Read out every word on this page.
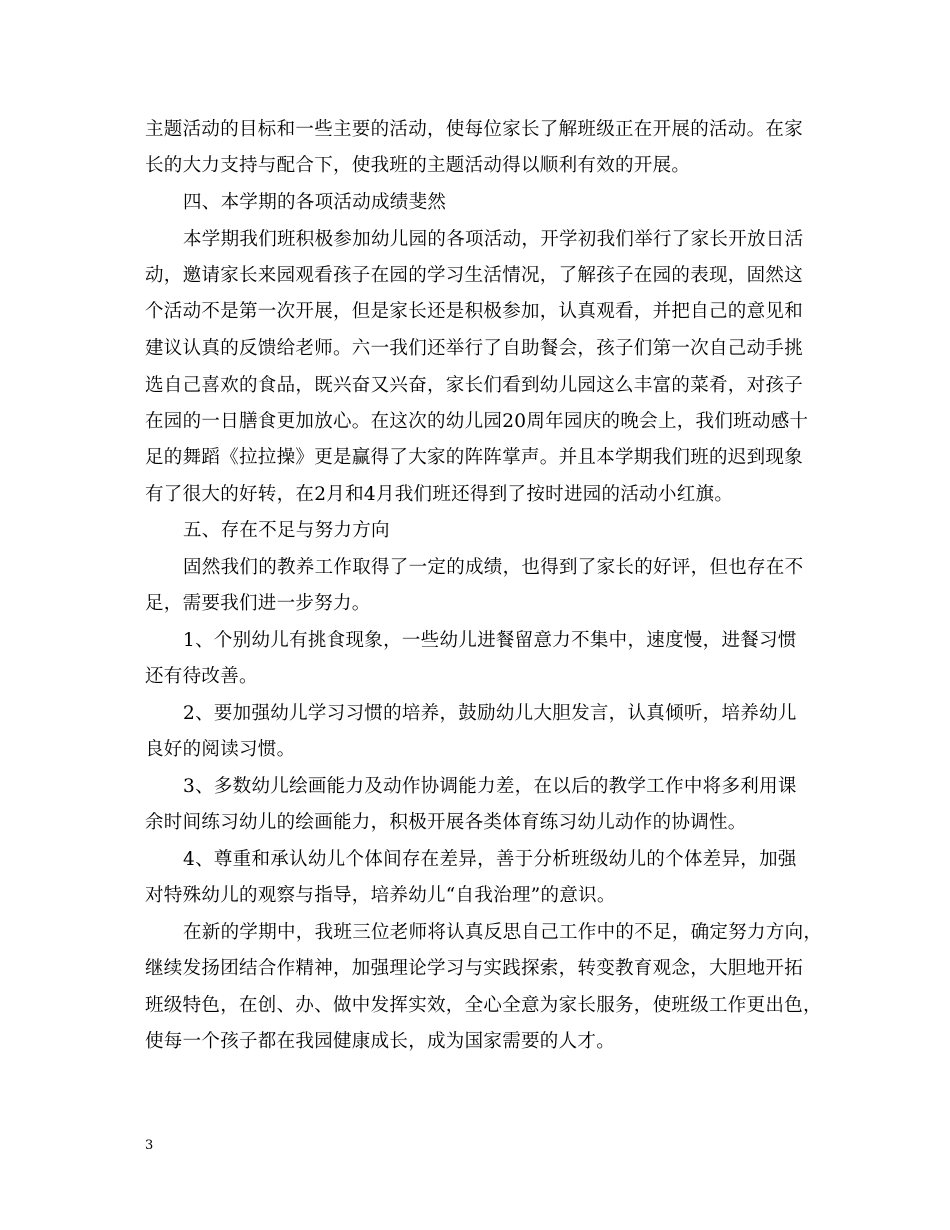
主题活动的目标和一些主要的活动，使每位家长了解班级正在开展的活动。在家
长的大力支持与配合下，使我班的主题活动得以顺利有效的开展。
四、本学期的各项活动成绩斐然
本学期我们班积极参加幼儿园的各项活动，开学初我们举行了家长开放日活
动，邀请家长来园观看孩子在园的学习生活情况，了解孩子在园的表现，固然这
个活动不是第一次开展，但是家长还是积极参加，认真观看，并把自己的意见和
建议认真的反馈给老师。六一我们还举行了自助餐会，孩子们第一次自己动手挑
选自己喜欢的食品，既兴奋又兴奋，家长们看到幼儿园这么丰富的菜肴，对孩子
在园的一日膳食更加放心。在这次的幼儿园20周年园庆的晚会上，我们班动感十
足的舞蹈《拉拉操》更是赢得了大家的阵阵掌声。并且本学期我们班的迟到现象
有了很大的好转，在2月和4月我们班还得到了按时进园的活动小红旗。
五、存在不足与努力方向
固然我们的教养工作取得了一定的成绩，也得到了家长的好评，但也存在不
足，需要我们进一步努力。
1、个别幼儿有挑食现象，一些幼儿进餐留意力不集中，速度慢，进餐习惯
还有待改善。
2、要加强幼儿学习习惯的培养，鼓励幼儿大胆发言，认真倾听，培养幼儿
良好的阅读习惯。
3、多数幼儿绘画能力及动作协调能力差，在以后的教学工作中将多利用课
余时间练习幼儿的绘画能力，积极开展各类体育练习幼儿动作的协调性。
4、尊重和承认幼儿个体间存在差异，善于分析班级幼儿的个体差异，加强
对特殊幼儿的观察与指导，培养幼儿“自我治理”的意识。
在新的学期中，我班三位老师将认真反思自己工作中的不足，确定努力方向，
继续发扬团结合作精神，加强理论学习与实践探索，转变教育观念，大胆地开拓
班级特色，在创、办、做中发挥实效，全心全意为家长服务，使班级工作更出色，
使每一个孩子都在我园健康成长，成为国家需要的人才。
3
